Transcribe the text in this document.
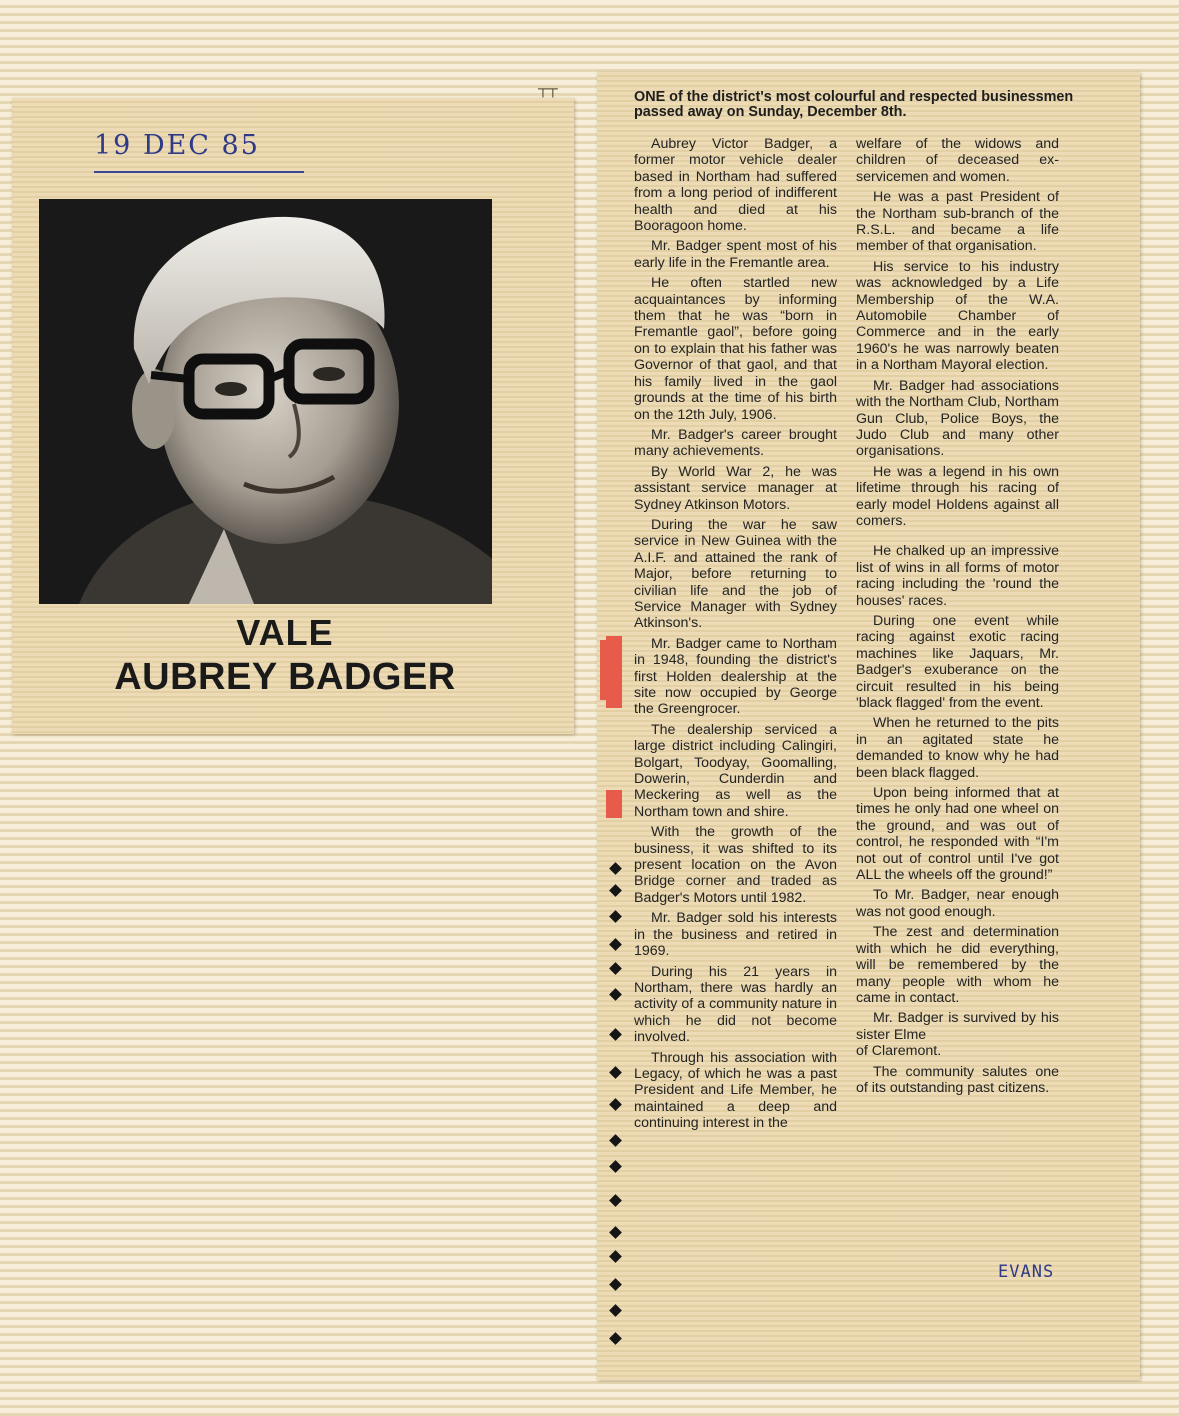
┬┬
19 DEC 85
VALE
AUBREY BADGER
ONE of the district's most colourful and respected businessmen passed away on Sunday, December 8th.

Aubrey Victor Badger, a former motor vehicle dealer based in Northam had suffered from a long period of indifferent health and died at his Booragoon home.

Mr. Badger spent most of his early life in the Fremantle area.

He often startled new acquaintances by informing them that he was “born in Fremantle gaol”, before going on to explain that his father was Governor of that gaol, and that his family lived in the gaol grounds at the time of his birth on the 12th July, 1906.

Mr. Badger's career brought many achievements.

By World War 2, he was assistant service manager at Sydney Atkinson Motors.

During the war he saw service in New Guinea with the A.I.F. and attained the rank of Major, before returning to civilian life and the job of Service Manager with Sydney Atkinson's.

Mr. Badger came to Northam in 1948, founding the district's first Holden dealership at the site now occupied by George the Greengrocer.

The dealership serviced a large district including Calingiri, Bolgart, Toodyay, Goomalling, Dowerin, Cunderdin and Meckering as well as the Northam town and shire.

With the growth of the business, it was shifted to its present location on the Avon Bridge corner and traded as Badger's Motors until 1982.

Mr. Badger sold his interests in the business and retired in 1969.

During his 21 years in Northam, there was hardly an activity of a community nature in which he did not become involved.

Through his association with Legacy, of which he was a past President and Life Member, he maintained a deep and continuing interest in the

welfare of the widows and children of deceased ex-servicemen and women.

He was a past President of the Northam sub-branch of the R.S.L. and became a life member of that organisation.

His service to his industry was acknowledged by a Life Membership of the W.A. Automobile Chamber of Commerce and in the early 1960's he was narrowly beaten in a Northam Mayoral election.

Mr. Badger had associations with the Northam Club, Northam Gun Club, Police Boys, the Judo Club and many other organisations.

He was a legend in his own lifetime through his racing of early model Holdens against all comers.

He chalked up an impressive list of wins in all forms of motor racing including the 'round the houses' races.

During one event while racing against exotic racing machines like Jaquars, Mr. Badger's exuberance on the circuit resulted in his being 'black flagged' from the event.

When he returned to the pits in an agitated state he demanded to know why he had been black flagged.

Upon being informed that at times he only had one wheel on the ground, and was out of control, he responded with “I'm not out of control until I've got ALL the wheels off the ground!”

To Mr. Badger, near enough was not good enough.

The zest and determination with which he did everything, will be remembered by the many people with whom he came in contact.

Mr. Badger is survived by his sister Elme

of Claremont.

The community salutes one of its outstanding past citizens.

EVANS
